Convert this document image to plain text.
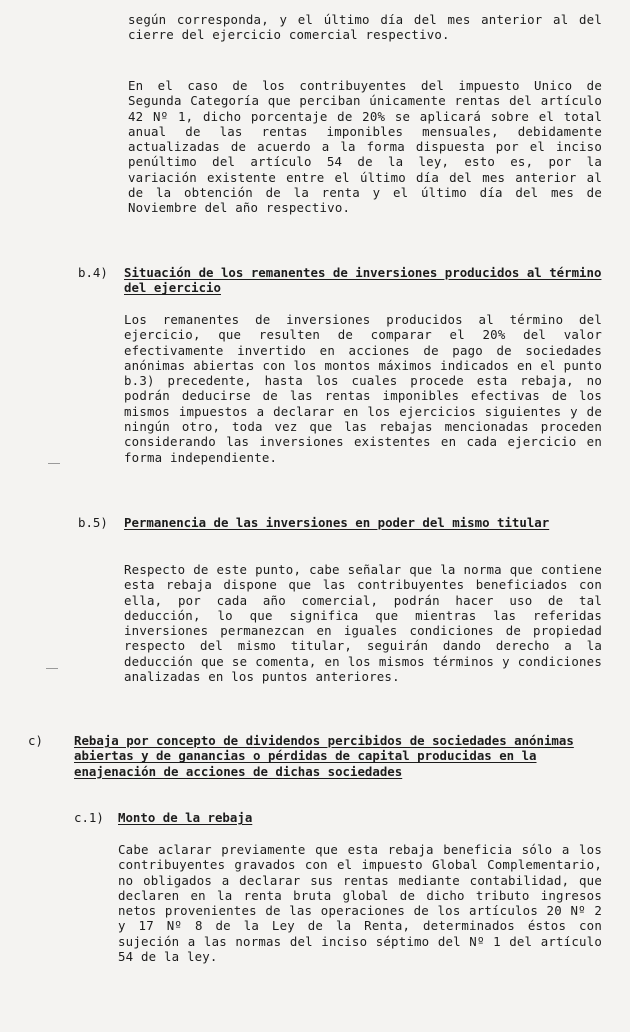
según corresponda, y el último día del mes anterior al del cierre del ejercicio comercial respectivo.

En el caso de los contribuyentes del impuesto Unico de Segunda Categoría que perciban únicamente rentas del artículo 42 Nº 1, dicho porcentaje de 20% se aplicará sobre el total anual de las rentas imponibles mensuales, debidamente actualizadas de acuerdo a la forma dispuesta por el inciso penúltimo del artículo 54 de la ley, esto es, por la variación existente entre el último día del mes anterior al de la obtención de la renta y el último día del mes de Noviembre del año respectivo.

b.4) Situación de los remanentes de inversiones producidos al término del ejercicio

Los remanentes de inversiones producidos al término del ejercicio, que resulten de comparar el 20% del valor efectivamente invertido en acciones de pago de sociedades anónimas abiertas con los montos máximos indicados en el punto b.3) precedente, hasta los cuales procede esta rebaja, no podrán deducirse de las rentas imponibles efectivas de los mismos impuestos a declarar en los ejercicios siguientes y de ningún otro, toda vez que las rebajas mencionadas proceden considerando las inversiones existentes en cada ejercicio en forma independiente.

b.5) Permanencia de las inversiones en poder del mismo titular

Respecto de este punto, cabe señalar que la norma que contiene esta rebaja dispone que las contribuyentes beneficiados con ella, por cada año comercial, podrán hacer uso de tal deducción, lo que significa que mientras las referidas inversiones permanezcan en iguales condiciones de propiedad respecto del mismo titular, seguirán dando derecho a la deducción que se comenta, en los mismos términos y condiciones analizadas en los puntos anteriores.

c)	Rebaja por concepto de dividendos percibidos de sociedades anónimas abiertas y de ganancias o pérdidas de capital producidas en la enajenación de acciones de dichas sociedades

c.1) Monto de la rebaja

Cabe aclarar previamente que esta rebaja beneficia sólo a los contribuyentes gravados con el impuesto Global Complementario, no obligados a declarar sus rentas mediante contabilidad, que declaren en la renta bruta global de dicho tributo ingresos netos provenientes de las operaciones de los artículos 20 Nº 2 y 17 Nº 8 de la Ley de la Renta, determinados éstos con sujeción a las normas del inciso séptimo del Nº 1 del artículo 54 de la ley.
